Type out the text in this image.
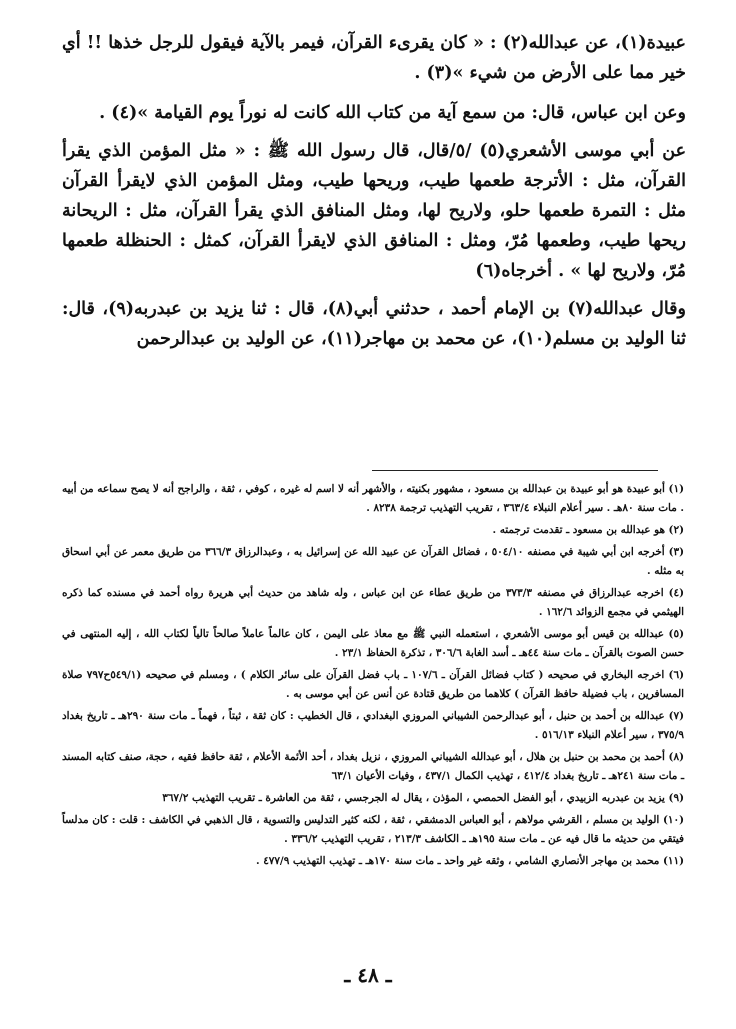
عبيدة(١)، عن عبدالله(٢) : « كان يقرىء القرآن، فيمر بالآية فيقول للرجل خذها !! أي خير مما على الأرض من شيء »(٣) .

وعن ابن عباس، قال: من سمع آية من كتاب الله كانت له نوراً يوم القيامة »(٤) .

عن أبي موسى الأشعري(٥) /٥/قال، قال رسول الله ﷺ : « مثل المؤمن الذي يقرأ القرآن، مثل : الأترجة طعمها طيب، وريحها طيب، ومثل المؤمن الذي لايقرأ القرآن مثل : التمرة طعمها حلو، ولاريح لها، ومثل المنافق الذي يقرأ القرآن، مثل : الريحانة ريحها طيب، وطعمها مُرّ، ومثل : المنافق الذي لايقرأ القرآن، كمثل : الحنظلة طعمها مُرّ، ولاريح لها » . أخرجاه(٦)

وقال عبدالله(٧) بن الإمام أحمد ، حدثني أبي(٨)، قال : ثنا يزيد بن عبدربه(٩)، قال: ثنا الوليد بن مسلم(١٠)، عن محمد بن مهاجر(١١)، عن الوليد بن عبدالرحمن

(١) أبو عبيدة هو أبو عبيدة بن عبدالله بن مسعود ، مشهور بكنيته ، والأشهر أنه لا اسم له غيره ، كوفي ، ثقة ، والراجح أنه لا يصح سماعه من أبيه . مات سنة ٨٠هـ . سير أعلام النبلاء ٣٦٣/٤ ، تقريب التهذيب ترجمة ٨٢٣٨ .
(٢) هو عبدالله بن مسعود ـ تقدمت ترجمته .
(٣) أخرجه ابن أبي شيبة في مصنفه ٥٠٤/١٠ ، فضائل القرآن عن عبيد الله عن إسرائيل به ، وعبدالرزاق ٣٦٦/٣ من طريق معمر عن أبي اسحاق به مثله .
(٤) اخرجه عبدالرزاق في مصنفه ٣٧٣/٣ من طريق عطاء عن ابن عباس ، وله شاهد من حديث أبي هريرة رواه أحمد في مسنده كما ذكره الهيثمي في مجمع الزوائد ١٦٢/٦ .
(٥) عبدالله بن قيس أبو موسى الأشعري ، استعمله النبي ﷺ مع معاذ على اليمن ، كان عالماً عاملاً صالحاً تالياً لكتاب الله ، إليه المنتهى في حسن الصوت بالقرآن ـ مات سنة ٤٤هـ ـ أسد الغابة ٣٠٦/٦ ، تذكرة الحفاظ ٢٣/١ .
(٦) اخرجه البخاري في صحيحه ( كتاب فضائل القرآن ـ ١٠٧/٦ ـ باب فضل القرآن على سائر الكلام ) ، ومسلم في صحيحه (٥٤٩/١ح٧٩٧ صلاة المسافرين ، باب فضيلة حافظ القرآن ) كلاهما من طريق قتادة عن أنس عن أبي موسى به .
(٧) عبدالله بن أحمد بن حنبل ، أبو عبدالرحمن الشيباني المروزي البغدادي ، قال الخطيب : كان ثقة ، ثبتاً ، فهماً ـ مات سنة ٢٩٠هـ ـ تاريخ بغداد ٣٧٥/٩ ، سير أعلام النبلاء ٥١٦/١٣ .
(٨) أحمد بن محمد بن حنبل بن هلال ، أبو عبدالله الشيباني المروزي ، نزيل بغداد ، أحد الأئمة الأعلام ، ثقة حافظ فقيه ، حجة، صنف كتابه المسند ـ مات سنة ٢٤١هـ ـ تاريخ بغداد ٤١٢/٤ ، تهذيب الكمال ٤٣٧/١ ، وفيات الأعيان ٦٣/١
(٩) يزيد بن عبدربه الزبيدي ، أبو الفضل الحمصي ، المؤذن ، يقال له الجرجسي ، ثقة من العاشرة ـ تقريب التهذيب ٣٦٧/٢
(١٠) الوليد بن مسلم ، القرشي مولاهم ، أبو العباس الدمشقي ، ثقة ، لكنه كثير التدليس والتسوية ، قال الذهبي في الكاشف : قلت : كان مدلساً فيتقي من حديثه ما قال فيه عن ـ مات سنة ١٩٥هـ ـ الكاشف ٢١٣/٣ ، تقريب التهذيب ٣٣٦/٢ .
(١١) محمد بن مهاجر الأنصاري الشامي ، وثقه غير واحد ـ مات سنة ١٧٠هـ ـ تهذيب التهذيب ٤٧٧/٩ .
ـ ٤٨ ـ
